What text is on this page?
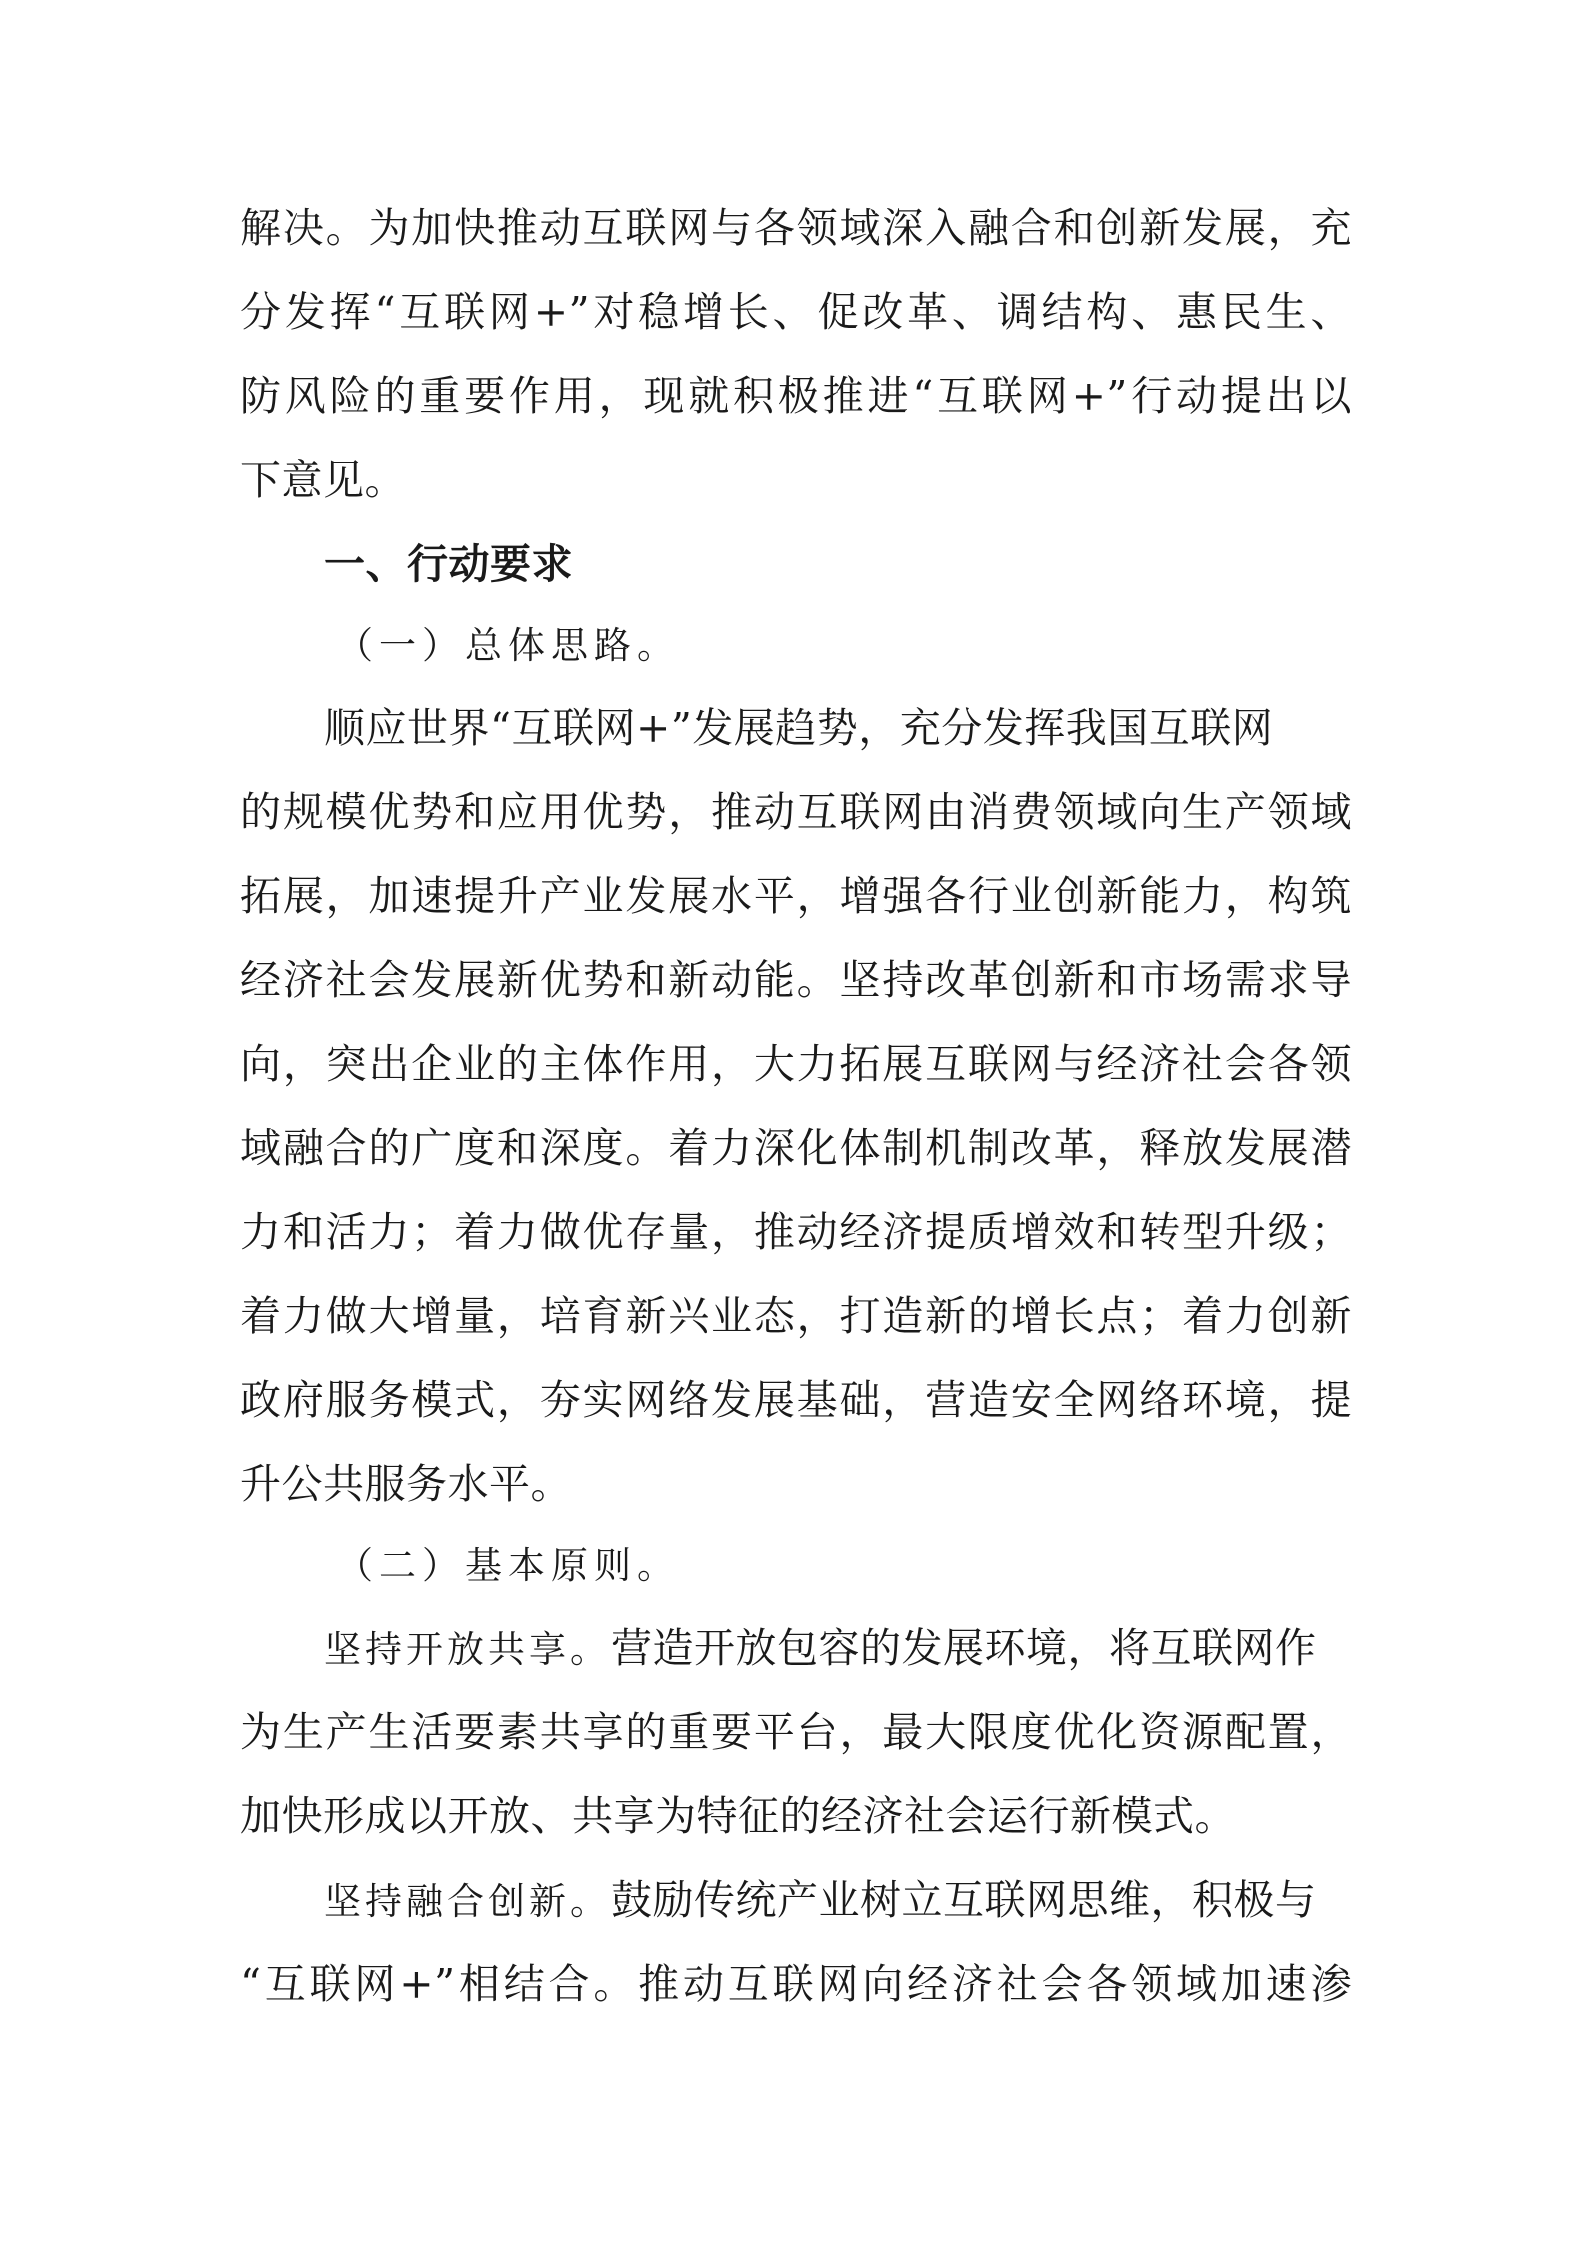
解决。为加快推动互联网与各领域深入融合和创新发展，充
分发挥“互联网+”对稳增长、促改革、调结构、惠民生、
防风险的重要作用，现就积极推进“互联网+”行动提出以
下意见。
一、行动要求
（一）总体思路。
顺应世界“互联网+”发展趋势，充分发挥我国互联网
的规模优势和应用优势，推动互联网由消费领域向生产领域
拓展，加速提升产业发展水平，增强各行业创新能力，构筑
经济社会发展新优势和新动能。坚持改革创新和市场需求导
向，突出企业的主体作用，大力拓展互联网与经济社会各领
域融合的广度和深度。着力深化体制机制改革，释放发展潜
力和活力；着力做优存量，推动经济提质增效和转型升级；
着力做大增量，培育新兴业态，打造新的增长点；着力创新
政府服务模式，夯实网络发展基础，营造安全网络环境，提
升公共服务水平。
（二）基本原则。
坚持开放共享。营造开放包容的发展环境，将互联网作
为生产生活要素共享的重要平台，最大限度优化资源配置，
加快形成以开放、共享为特征的经济社会运行新模式。
坚持融合创新。鼓励传统产业树立互联网思维，积极与
“互联网+”相结合。推动互联网向经济社会各领域加速渗
